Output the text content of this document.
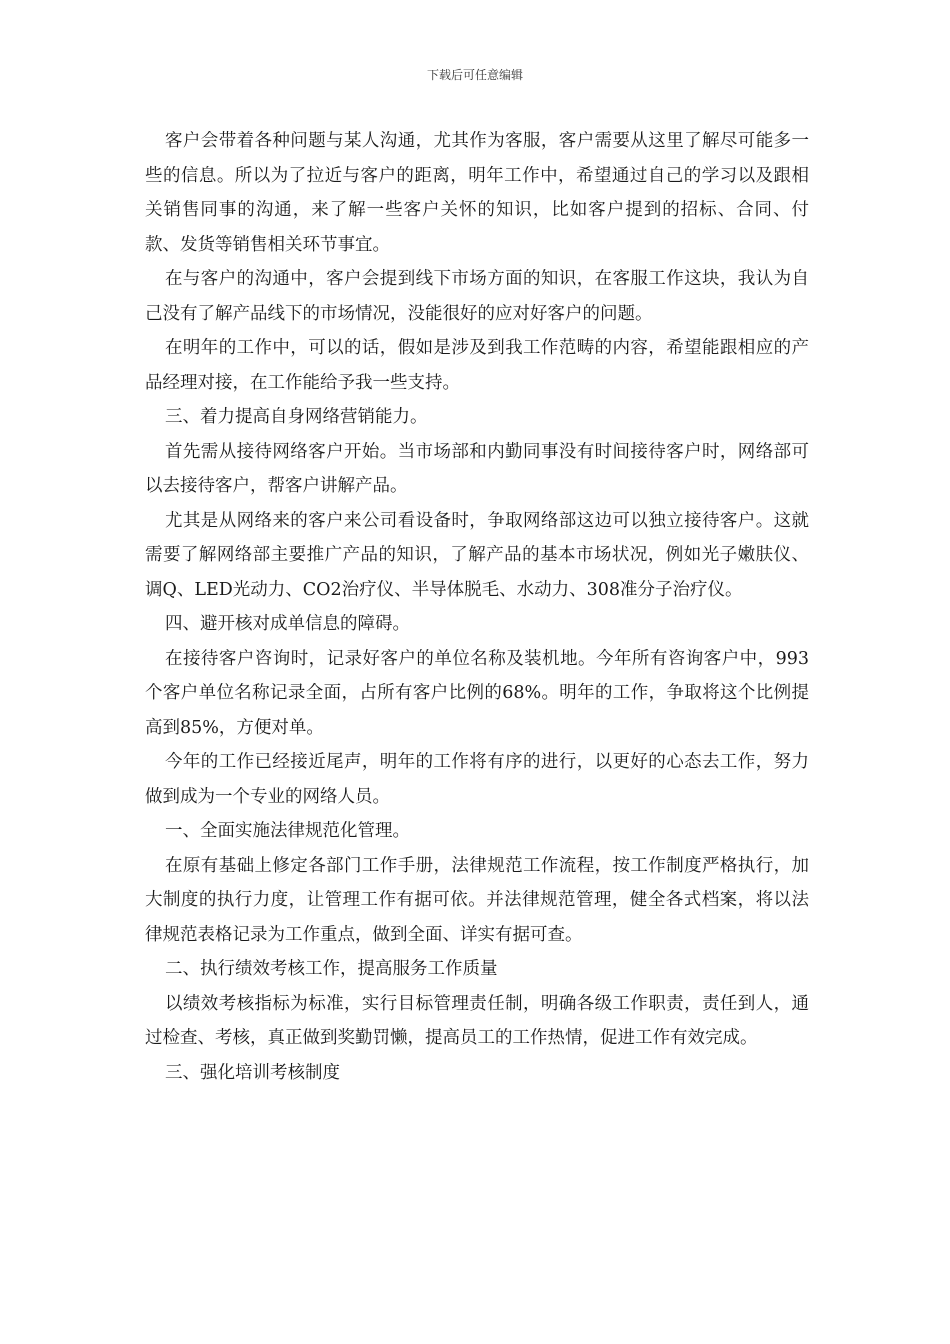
下载后可任意编辑

客户会带着各种问题与某人沟通，尤其作为客服，客户需要从这里了解尽可能多一些的信息。所以为了拉近与客户的距离，明年工作中，希望通过自己的学习以及跟相关销售同事的沟通，来了解一些客户关怀的知识，比如客户提到的招标、合同、付款、发货等销售相关环节事宜。

在与客户的沟通中，客户会提到线下市场方面的知识，在客服工作这块，我认为自己没有了解产品线下的市场情况，没能很好的应对好客户的问题。

在明年的工作中，可以的话，假如是涉及到我工作范畴的内容，希望能跟相应的产品经理对接，在工作能给予我一些支持。

三、着力提高自身网络营销能力。

首先需从接待网络客户开始。当市场部和内勤同事没有时间接待客户时，网络部可以去接待客户，帮客户讲解产品。

尤其是从网络来的客户来公司看设备时，争取网络部这边可以独立接待客户。这就需要了解网络部主要推广产品的知识，了解产品的基本市场状况，例如光子嫩肤仪、调Q、LED光动力、CO2治疗仪、半导体脱毛、水动力、308准分子治疗仪。

四、避开核对成单信息的障碍。

在接待客户咨询时，记录好客户的单位名称及装机地。今年所有咨询客户中，993个客户单位名称记录全面，占所有客户比例的68%。明年的工作，争取将这个比例提高到85%，方便对单。

今年的工作已经接近尾声，明年的工作将有序的进行，以更好的心态去工作，努力做到成为一个专业的网络人员。

一、全面实施法律规范化管理。

在原有基础上修定各部门工作手册，法律规范工作流程，按工作制度严格执行，加大制度的执行力度，让管理工作有据可依。并法律规范管理，健全各式档案，将以法律规范表格记录为工作重点，做到全面、详实有据可查。

二、执行绩效考核工作，提高服务工作质量

以绩效考核指标为标准，实行目标管理责任制，明确各级工作职责，责任到人，通过检查、考核，真正做到奖勤罚懒，提高员工的工作热情，促进工作有效完成。

三、强化培训考核制度
